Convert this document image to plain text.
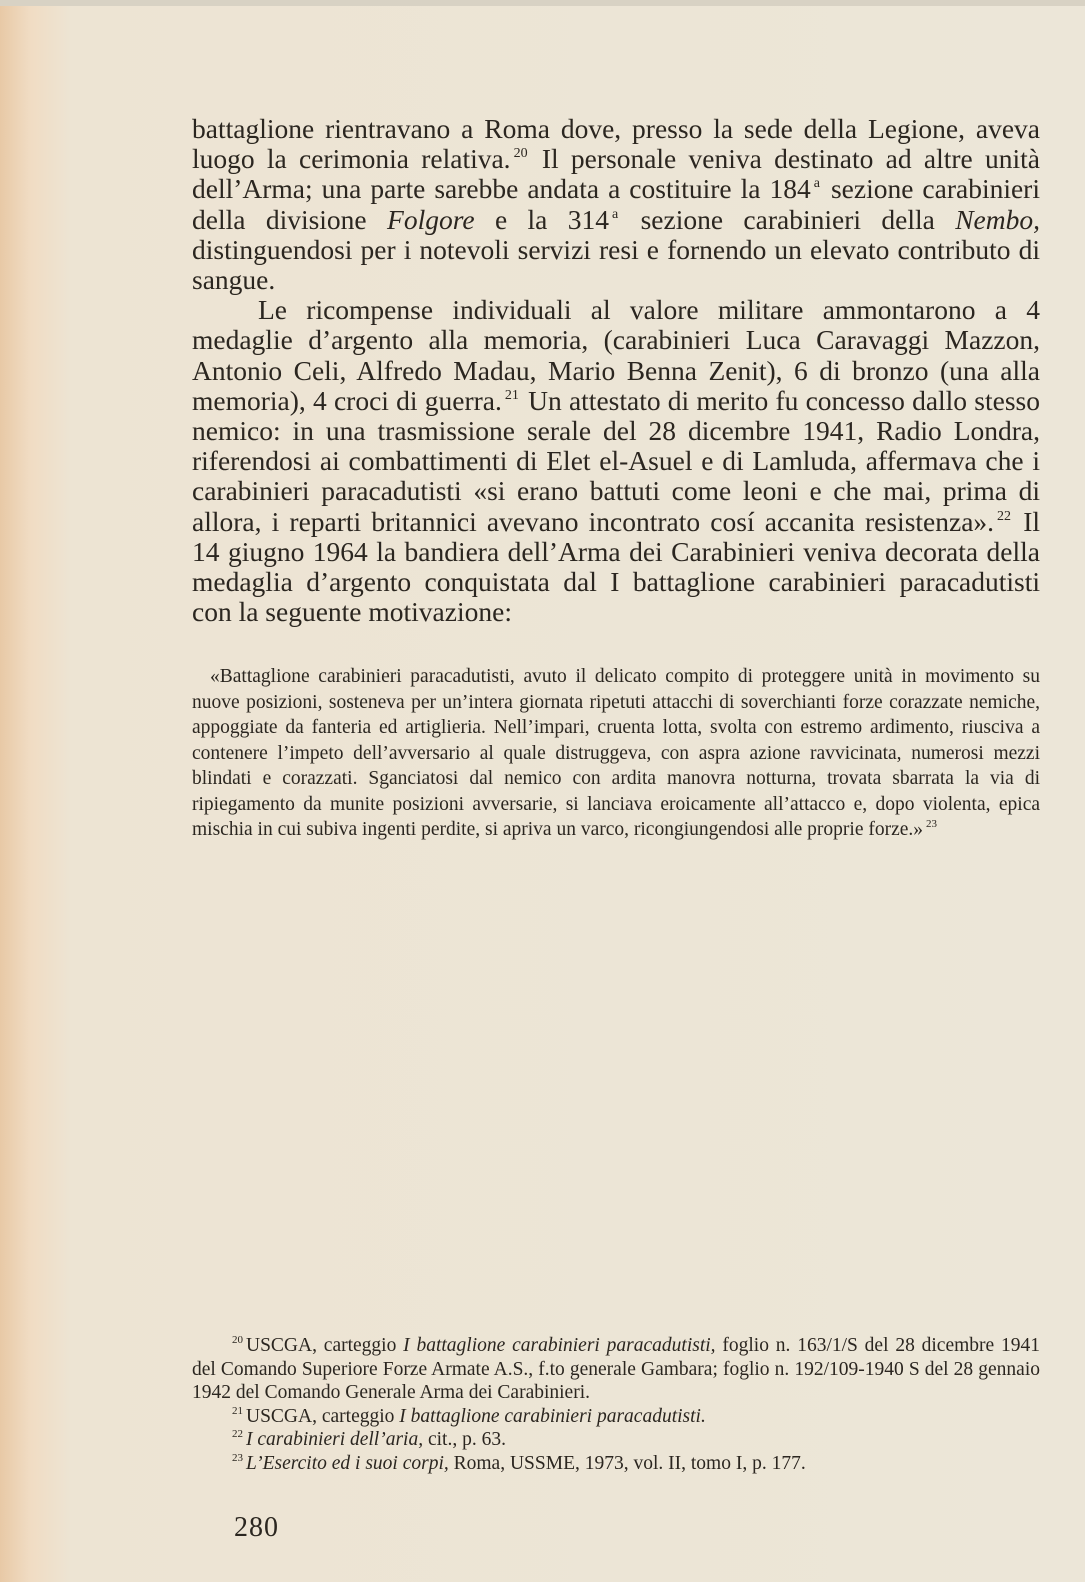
battaglione rientravano a Roma dove, presso la sede della Legione, aveva luogo la cerimonia relativa. $^{20}$ Il personale veniva destinato ad altre unità dell’Arma; una parte sarebbe andata a costituire la 184 $^a$ sezione carabinieri della divisione Folgore e la 314 $^a$ sezione carabinieri della Nembo, distinguendosi per i notevoli servizi resi e fornendo un elevato contributo di sangue.

Le ricompense individuali al valore militare ammontarono a 4 medaglie d’argento alla memoria, (carabinieri Luca Caravaggi Mazzon, Antonio Celi, Alfredo Madau, Mario Benna Zenit), 6 di bronzo (una alla memoria), 4 croci di guerra. $^{21}$ Un attestato di merito fu concesso dallo stesso nemico: in una trasmissione serale del 28 dicembre 1941, Radio Londra, riferendosi ai combattimenti di Elet el-Asuel e di Lamluda, affermava che i carabinieri paracadutisti «si erano battuti come leoni e che mai, prima di allora, i reparti britannici avevano incontrato cosí accanita resistenza». $^{22}$ Il 14 giugno 1964 la bandiera dell’Arma dei Carabinieri veniva decorata della medaglia d’argento conquistata dal I battaglione carabinieri paracadutisti con la seguente motivazione:

«Battaglione carabinieri paracadutisti, avuto il delicato compito di proteggere unità in movimento su nuove posizioni, sosteneva per un’intera giornata ripetuti attacchi di soverchianti forze corazzate nemiche, appoggiate da fanteria ed artiglieria. Nell’impari, cruenta lotta, svolta con estremo ardimento, riusciva a contenere l’impeto dell’avversario al quale distruggeva, con aspra azione ravvicinata, numerosi mezzi blindati e corazzati. Sganciatosi dal nemico con ardita manovra notturna, trovata sbarrata la via di ripiegamento da munite posizioni avversarie, si lanciava eroicamente all’attacco e, dopo violenta, epica mischia in cui subiva ingenti perdite, si apriva un varco, ricongiungendosi alle proprie forze.» $^{23}$

$^{20}$ USCGA, carteggio I battaglione carabinieri paracadutisti, foglio n. 163/1/S del 28 dicembre 1941 del Comando Superiore Forze Armate A.S., f.to generale Gambara; foglio n. 192/109-1940 S del 28 gennaio 1942 del Comando Generale Arma dei Carabinieri.

$^{21}$ USCGA, carteggio I battaglione carabinieri paracadutisti.

$^{22}$ I carabinieri dell’aria, cit., p. 63.

$^{23}$ L’Esercito ed i suoi corpi, Roma, USSME, 1973, vol. II, tomo I, p. 177.

280
